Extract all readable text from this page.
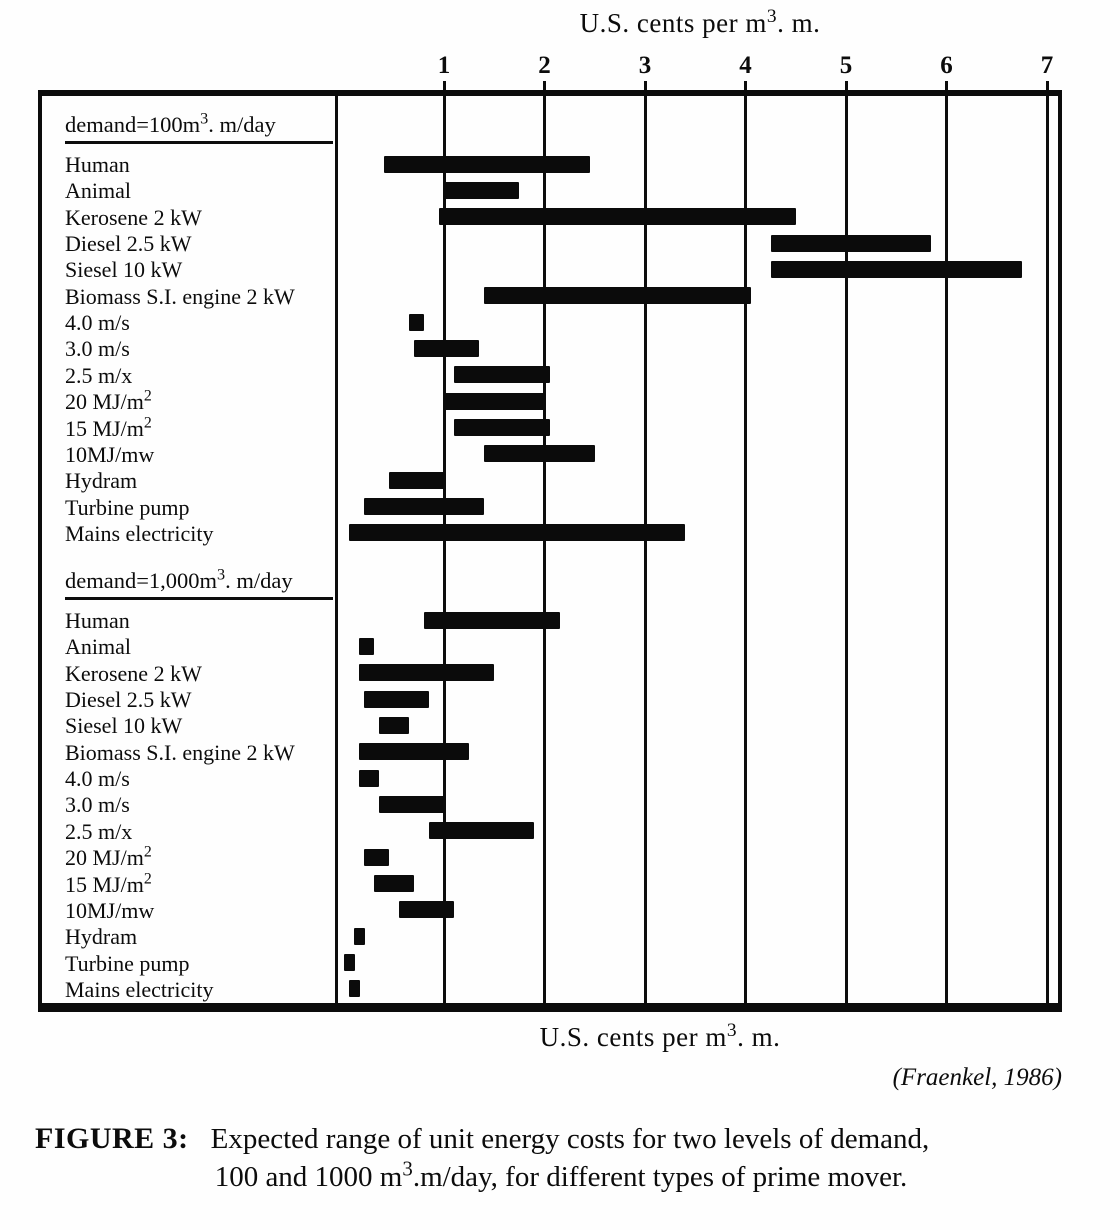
U.S. cents per $m^3$. m.
1	2	3	4	5	6	7
$demand=100m^3$. m/day
Human
Animal
Kerosene 2 kW
Diesel 2.5 kW
Siesel 10 kW
Biomass S.I. engine 2 kW
4.0 m/s
3.0 m/s
2.5 m/x
20 $MJ/m^2$
15 $MJ/m^2$
10MJ/mw
Hydram
Turbine pump
Mains electricity
$demand=1,000m^3$. m/day
Human
Animal
Kerosene 2 kW
Diesel 2.5 kW
Siesel 10 kW
Biomass S.I. engine 2 kW
4.0 m/s
3.0 m/s
2.5 m/x
20 $MJ/m^2$
15 $MJ/m^2$
10MJ/mw
Hydram
Turbine pump
Mains electricity
U.S. cents per $m^3$. m.
(Fraenkel, 1986)
FIGURE 3: Expected range of unit energy costs for two levels of demand,
100 and 1000 $m^3.m$/day, for different types of prime mover.
